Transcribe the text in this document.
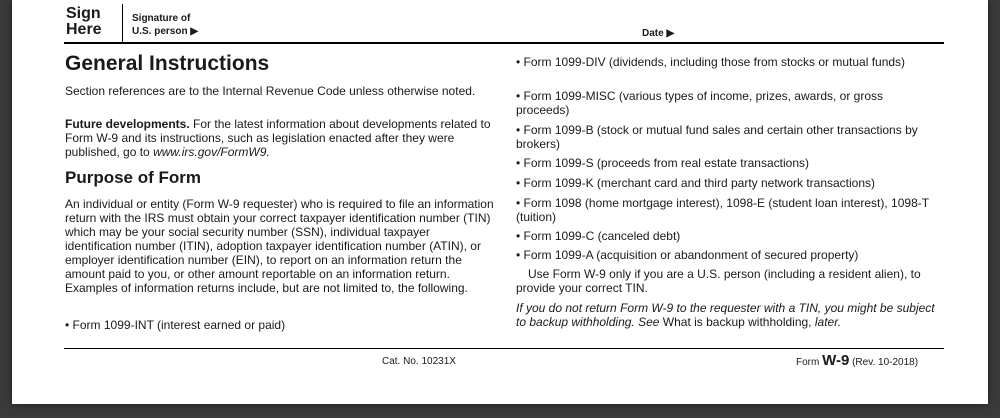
Sign Here
Signature of
U.S. person ▶	Date ▶
General Instructions

Section references are to the Internal Revenue Code unless otherwise noted.

Future developments. For the latest information about developments related to Form W-9 and its instructions, such as legislation enacted after they were published, go to www.irs.gov/FormW9.

Purpose of Form

An individual or entity (Form W-9 requester) who is required to file an information return with the IRS must obtain your correct taxpayer identification number (TIN) which may be your social security number (SSN), individual taxpayer identification number (ITIN), adoption taxpayer identification number (ATIN), or employer identification number (EIN), to report on an information return the amount paid to you, or other amount reportable on an information return. Examples of information returns include, but are not limited to, the following.

• Form 1099-INT (interest earned or paid)

• Form 1099-DIV (dividends, including those from stocks or mutual funds)

• Form 1099-MISC (various types of income, prizes, awards, or gross proceeds)

• Form 1099-B (stock or mutual fund sales and certain other transactions by brokers)

• Form 1099-S (proceeds from real estate transactions)

• Form 1099-K (merchant card and third party network transactions)

• Form 1098 (home mortgage interest), 1098-E (student loan interest), 1098-T (tuition)

• Form 1099-C (canceled debt)

• Form 1099-A (acquisition or abandonment of secured property)

Use Form W-9 only if you are a U.S. person (including a resident alien), to provide your correct TIN.

If you do not return Form W-9 to the requester with a TIN, you might be subject to backup withholding. See What is backup withholding, later.

Cat. No. 10231X	Form W-9 (Rev. 10-2018)
